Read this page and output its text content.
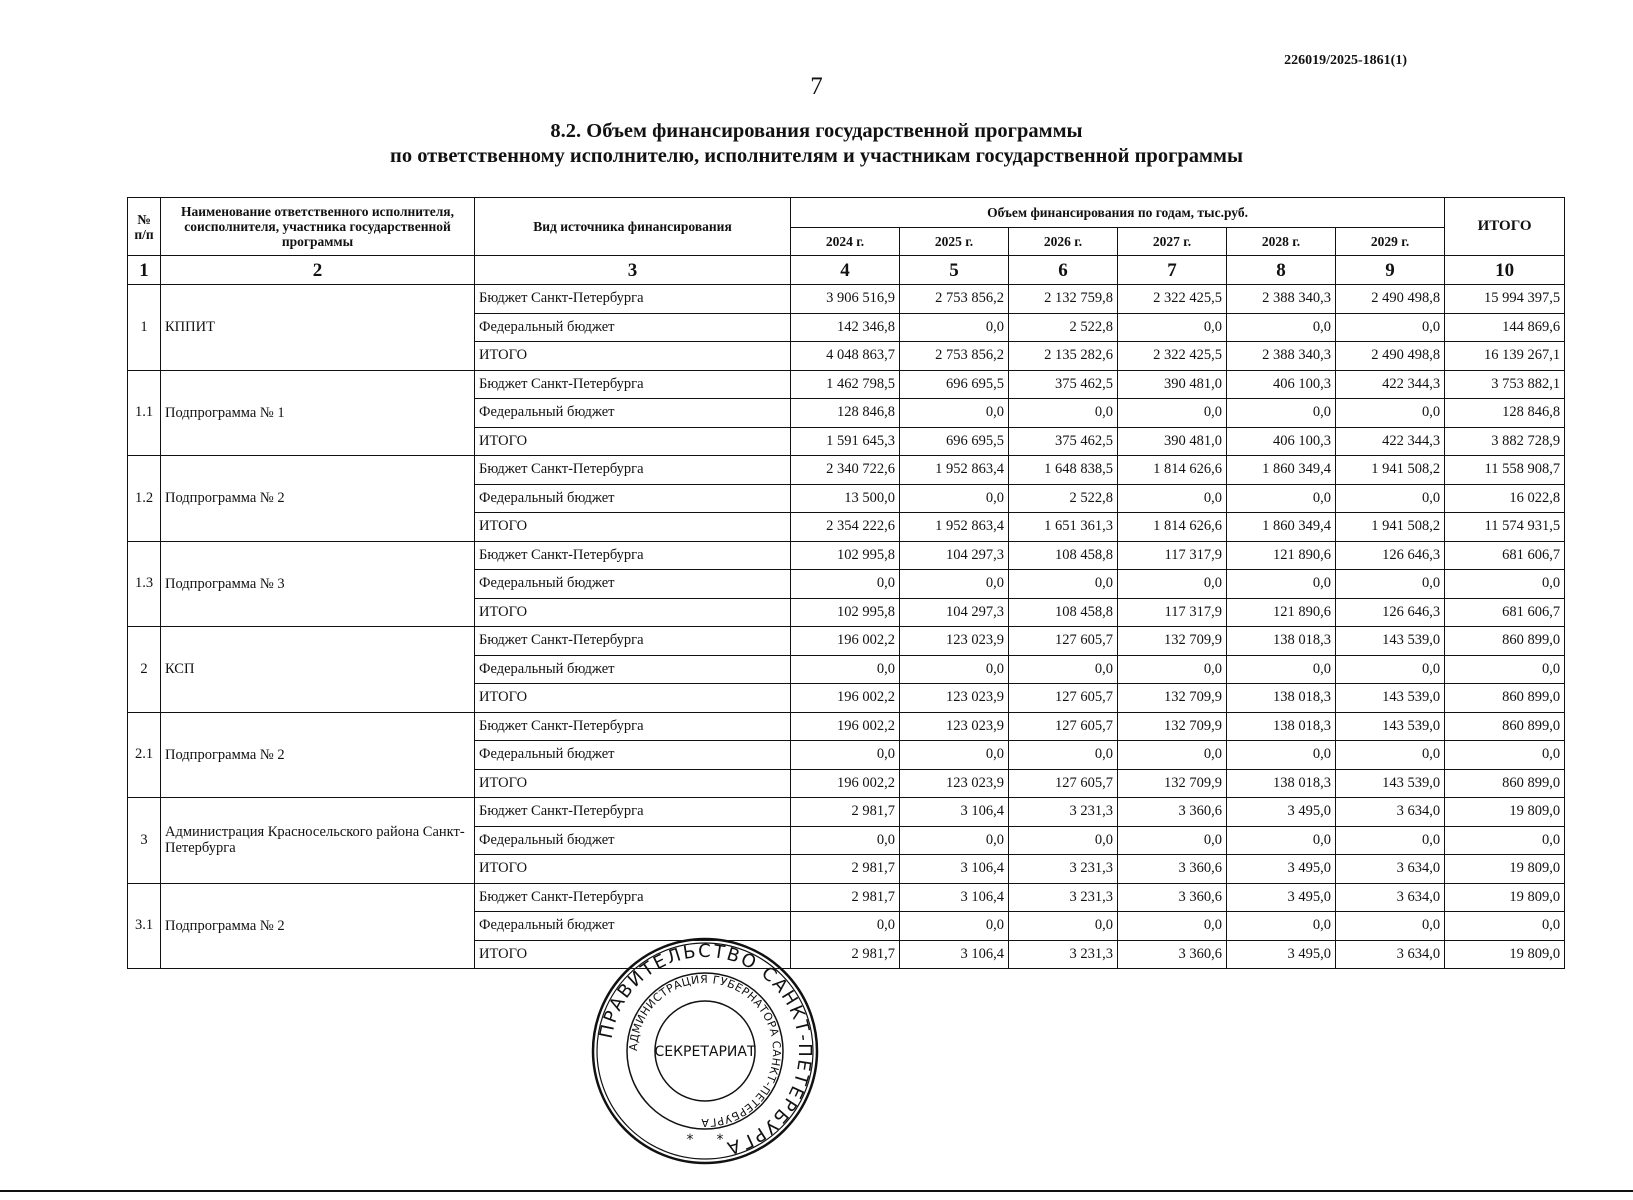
226019/2025-1861(1)
7
8.2. Объем финансирования государственной программы
по ответственному исполнителю, исполнителям и участникам государственной программы
№ п/п	Наименование ответственного исполнителя, соисполнителя, участника государственной программы	Вид источника финансирования	Объем финансирования по годам, тыс.руб.						ИТОГО
			2024 г.	2025 г.	2026 г.	2027 г.	2028 г.	2029 г.	
1	2	3	4	5	6	7	8	9	10
1	КППИТ	Бюджет Санкт-Петербурга	3 906 516,9	2 753 856,2	2 132 759,8	2 322 425,5	2 388 340,3	2 490 498,8	15 994 397,5
		Федеральный бюджет	142 346,8	0,0	2 522,8	0,0	0,0	0,0	144 869,6
		ИТОГО	4 048 863,7	2 753 856,2	2 135 282,6	2 322 425,5	2 388 340,3	2 490 498,8	16 139 267,1
1.1	Подпрограмма № 1	Бюджет Санкт-Петербурга	1 462 798,5	696 695,5	375 462,5	390 481,0	406 100,3	422 344,3	3 753 882,1
		Федеральный бюджет	128 846,8	0,0	0,0	0,0	0,0	0,0	128 846,8
		ИТОГО	1 591 645,3	696 695,5	375 462,5	390 481,0	406 100,3	422 344,3	3 882 728,9
1.2	Подпрограмма № 2	Бюджет Санкт-Петербурга	2 340 722,6	1 952 863,4	1 648 838,5	1 814 626,6	1 860 349,4	1 941 508,2	11 558 908,7
		Федеральный бюджет	13 500,0	0,0	2 522,8	0,0	0,0	0,0	16 022,8
		ИТОГО	2 354 222,6	1 952 863,4	1 651 361,3	1 814 626,6	1 860 349,4	1 941 508,2	11 574 931,5
1.3	Подпрограмма № 3	Бюджет Санкт-Петербурга	102 995,8	104 297,3	108 458,8	117 317,9	121 890,6	126 646,3	681 606,7
		Федеральный бюджет	0,0	0,0	0,0	0,0	0,0	0,0	0,0
		ИТОГО	102 995,8	104 297,3	108 458,8	117 317,9	121 890,6	126 646,3	681 606,7
2	КСП	Бюджет Санкт-Петербурга	196 002,2	123 023,9	127 605,7	132 709,9	138 018,3	143 539,0	860 899,0
		Федеральный бюджет	0,0	0,0	0,0	0,0	0,0	0,0	0,0
		ИТОГО	196 002,2	123 023,9	127 605,7	132 709,9	138 018,3	143 539,0	860 899,0
2.1	Подпрограмма № 2	Бюджет Санкт-Петербурга	196 002,2	123 023,9	127 605,7	132 709,9	138 018,3	143 539,0	860 899,0
		Федеральный бюджет	0,0	0,0	0,0	0,0	0,0	0,0	0,0
		ИТОГО	196 002,2	123 023,9	127 605,7	132 709,9	138 018,3	143 539,0	860 899,0
3	Администрация Красносельского района Санкт-Петербурга	Бюджет Санкт-Петербурга	2 981,7	3 106,4	3 231,3	3 360,6	3 495,0	3 634,0	19 809,0
		Федеральный бюджет	0,0	0,0	0,0	0,0	0,0	0,0	0,0
		ИТОГО	2 981,7	3 106,4	3 231,3	3 360,6	3 495,0	3 634,0	19 809,0
3.1	Подпрограмма № 2	Бюджет Санкт-Петербурга	2 981,7	3 106,4	3 231,3	3 360,6	3 495,0	3 634,0	19 809,0
		Федеральный бюджет	0,0	0,0	0,0	0,0	0,0	0,0	0,0
		ИТОГО	2 981,7	3 106,4	3 231,3	3 360,6	3 495,0	3 634,0	19 809,0
ПРАВИТЕЛЬСТВО САНКТ-ПЕТЕРБУРГА
АДМИНИСТРАЦИЯ ГУБЕРНАТОРА САНКТ-ПЕТЕРБУРГА
СЕКРЕТАРИАТ
* *
